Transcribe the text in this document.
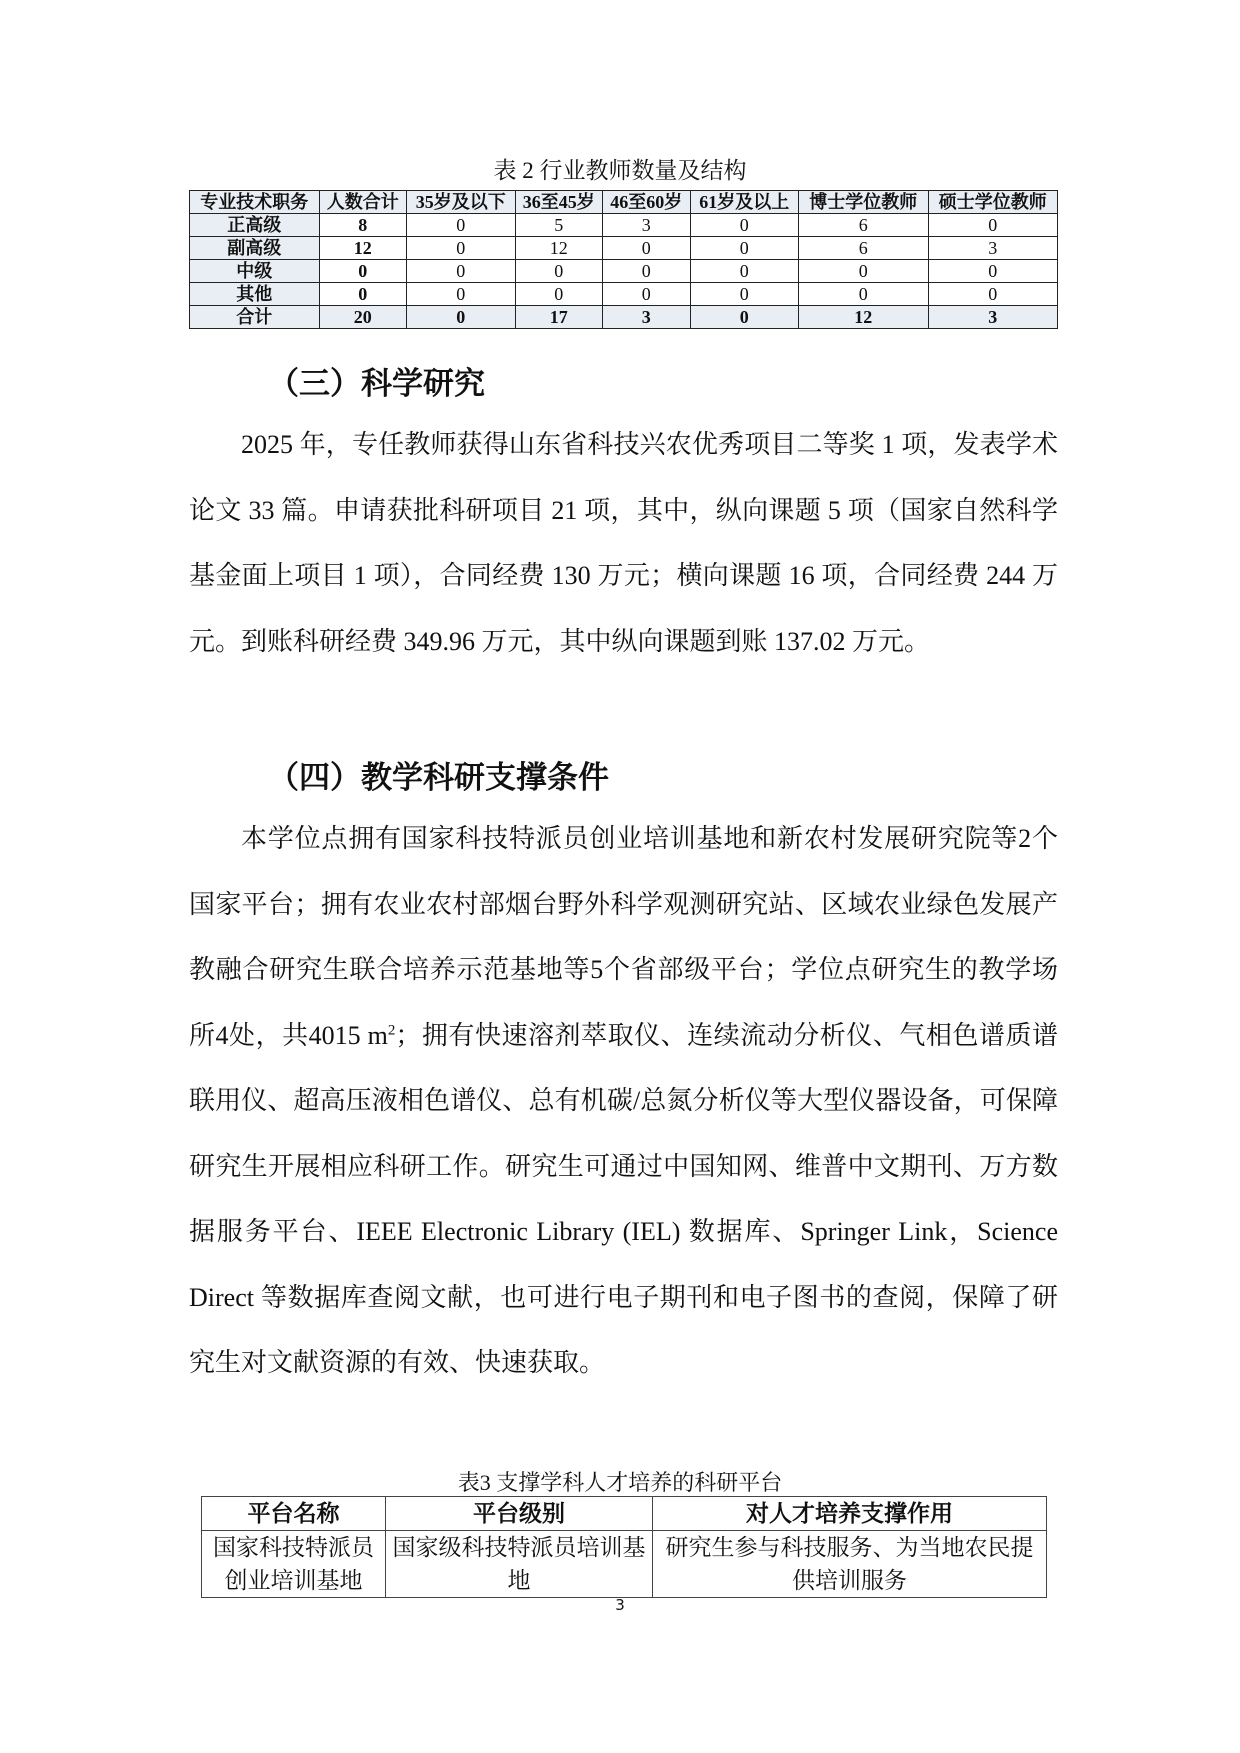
表 2 行业教师数量及结构
专业技术职务	人数合计	35岁及以下	36至45岁	46至60岁	61岁及以上	博士学位教师	硕士学位教师
正高级	8	0	5	3	0	6	0
副高级	12	0	12	0	0	6	3
中级	0	0	0	0	0	0	0
其他	0	0	0	0	0	0	0
合计	20	0	17	3	0	12	3
（三）科学研究
2025 年，专任教师获得山东省科技兴农优秀项目二等奖 1 项，发表学术论文 33 篇。申请获批科研项目 21 项，其中，纵向课题 5 项（国家自然科学基金面上项目 1 项），合同经费 130 万元；横向课题 16 项，合同经费 244 万元。到账科研经费 349.96 万元，其中纵向课题到账 137.02 万元。
（四）教学科研支撑条件
本学位点拥有国家科技特派员创业培训基地和新农村发展研究院等2个国家平台；拥有农业农村部烟台野外科学观测研究站、区域农业绿色发展产教融合研究生联合培养示范基地等5个省部级平台；学位点研究生的教学场所4处，共4015 $m^2$；拥有快速溶剂萃取仪、连续流动分析仪、气相色谱质谱联用仪、超高压液相色谱仪、总有机碳/总氮分析仪等大型仪器设备，可保障研究生开展相应科研工作。研究生可通过中国知网、维普中文期刊、万方数据服务平台、IEEE Electronic Library (IEL) 数据库、Springer Link，Science Direct 等数据库查阅文献，也可进行电子期刊和电子图书的查阅，保障了研究生对文献资源的有效、快速获取。
表3 支撑学科人才培养的科研平台
平台名称	平台级别	对人才培养支撑作用
国家科技特派员创业培训基地	国家级科技特派员培训基地	研究生参与科技服务、为当地农民提供培训服务
3
